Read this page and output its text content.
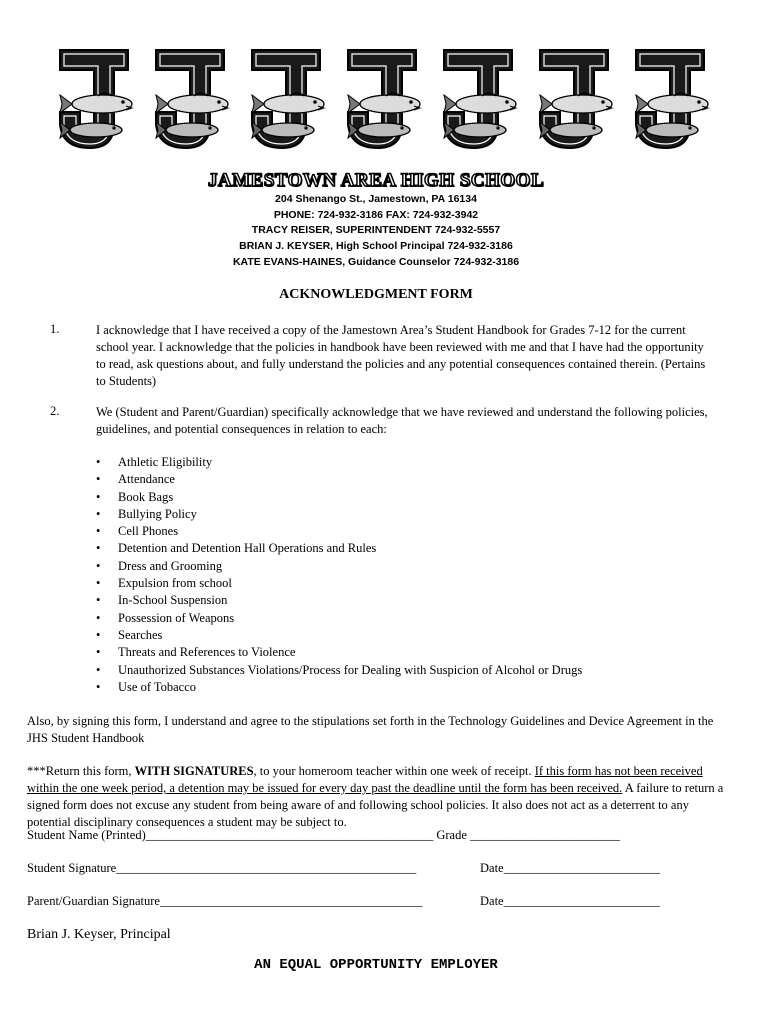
JAMESTOWN AREA HIGH SCHOOL
204 Shenango St., Jamestown, PA 16134
PHONE: 724-932-3186 FAX: 724-932-3942
TRACY REISER, SUPERINTENDENT 724-932-5557
BRIAN J. KEYSER, High School Principal 724-932-3186
KATE EVANS-HAINES, Guidance Counselor 724-932-3186
ACKNOWLEDGMENT FORM
1.	I acknowledge that I have received a copy of the Jamestown Area’s Student Handbook for Grades 7-12 for the current school year. I acknowledge that the policies in handbook have been reviewed with me and that I have had the opportunity to read, ask questions about, and fully understand the policies and any potential consequences contained therein. (Pertains to Students)
2.	We (Student and Parent/Guardian) specifically acknowledge that we have reviewed and understand the following policies, guidelines, and potential consequences in relation to each:
• Athletic Eligibility
• Attendance
• Book Bags
• Bullying Policy
• Cell Phones
• Detention and Detention Hall Operations and Rules
• Dress and Grooming
• Expulsion from school
• In-School Suspension
• Possession of Weapons
• Searches
• Threats and References to Violence
• Unauthorized Substances Violations/Process for Dealing with Suspicion of Alcohol or Drugs
• Use of Tobacco
Also, by signing this form, I understand and agree to the stipulations set forth in the Technology Guidelines and Device Agreement in the JHS Student Handbook
***Return this form, WITH SIGNATURES, to your homeroom teacher within one week of receipt. If this form has not been received within the one week period, a detention may be issued for every day past the deadline until the form has been received. A failure to return a signed form does not excuse any student from being aware of and following school policies. It also does not act as a deterrent to any potential disciplinary consequences a student may be subject to.
Student Name (Printed)______________________________________________ Grade ________________________
Student Signature________________________________________________	Date_________________________
Parent/Guardian Signature__________________________________________	Date_________________________
Brian J. Keyser, Principal
AN EQUAL OPPORTUNITY EMPLOYER
